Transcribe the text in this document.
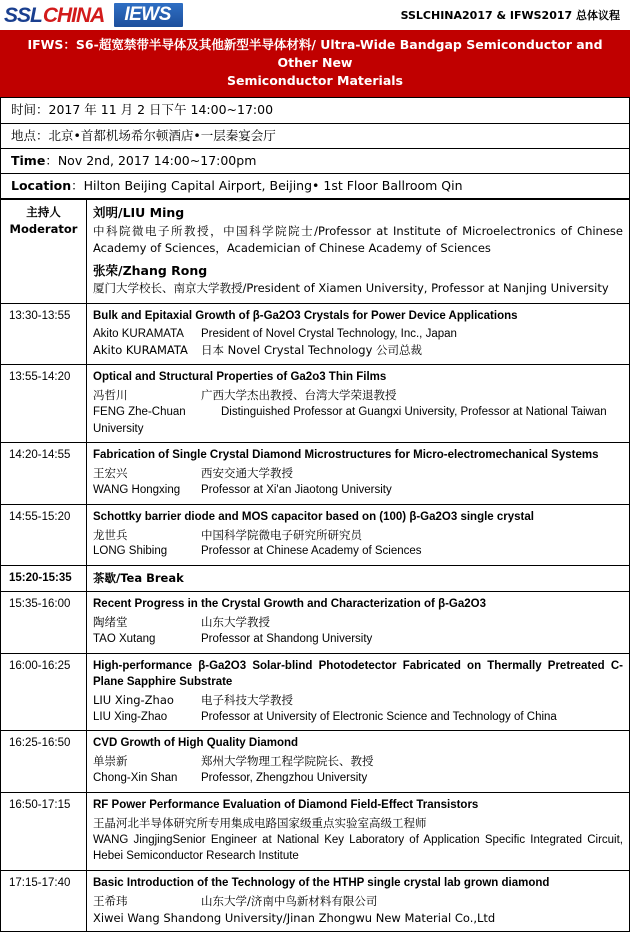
SSL CHINA	IEWS	SSLCHINA2017 & IFWS2017 总体议程
IFWS：S6-超宽禁带半导体及其他新型半导体材料/ Ultra-Wide Bandgap Semiconductor and Other New
Semiconductor Materials
时间：2017 年 11 月 2 日下午 14:00~17:00
地点：北京•首都机场希尔顿酒店•一层秦宴会厅
Time：Nov 2nd, 2017 14:00~17:00pm
Location：Hilton Beijing Capital Airport, Beijing• 1st Floor Ballroom Qin
主持人
Moderator

刘明/LIU Ming
中科院微电子所教授，中国科学院院士/Professor at Institute of Microelectronics of Chinese Academy of Sciences，Academician of Chinese Academy of Sciences
张荣/Zhang Rong
厦门大学校长、南京大学教授/President of Xiamen University, Professor at Nanjing University

13:30-13:55	Bulk and Epitaxial Growth of β-Ga2O3 Crystals for Power Device Applications
Akito KURAMATA President of Novel Crystal Technology, Inc., Japan
Akito KURAMATA 日本 Novel Crystal Technology 公司总裁

13:55-14:20	Optical and Structural Properties of Ga2o3 Thin Films
冯哲川 广西大学杰出教授、台湾大学荣退教授
FENG Zhe-Chuan Distinguished Professor at Guangxi University, Professor at National Taiwan University

14:20-14:55	Fabrication of Single Crystal Diamond Microstructures for Micro-electromechanical Systems
王宏兴 西安交通大学教授
WANG Hongxing Professor at Xi'an Jiaotong University

14:55-15:20	Schottky barrier diode and MOS capacitor based on (100) β-Ga2O3 single crystal
龙世兵 中国科学院微电子研究所研究员
LONG Shibing Professor at Chinese Academy of Sciences

15:20-15:35	茶歇/Tea Break
15:35-16:00	Recent Progress in the Crystal Growth and Characterization of β-Ga2O3
陶绪堂 山东大学教授
TAO Xutang Professor at Shandong University

16:00-16:25	High-performance β-Ga2O3 Solar-blind Photodetector Fabricated on Thermally Pretreated C-Plane Sapphire Substrate
LIU Xing-Zhao 电子科技大学教授
LIU Xing-Zhao Professor at University of Electronic Science and Technology of China

16:25-16:50	CVD Growth of High Quality Diamond
单崇新 郑州大学物理工程学院院长、教授
Chong-Xin Shan Professor, Zhengzhou University

16:50-17:15	RF Power Performance Evaluation of Diamond Field-Effect Transistors
王晶河北半导体研究所专用集成电路国家级重点实验室高级工程师
WANG JingjingSenior Engineer at National Key Laboratory of Application Specific Integrated Circuit, Hebei Semiconductor Research Institute

17:15-17:40	Basic Introduction of the Technology of the HTHP single crystal lab grown diamond
王希玮 山东大学/济南中鸟新材料有限公司
Xiwei Wang Shandong University/Jinan Zhongwu New Material Co.,Ltd
